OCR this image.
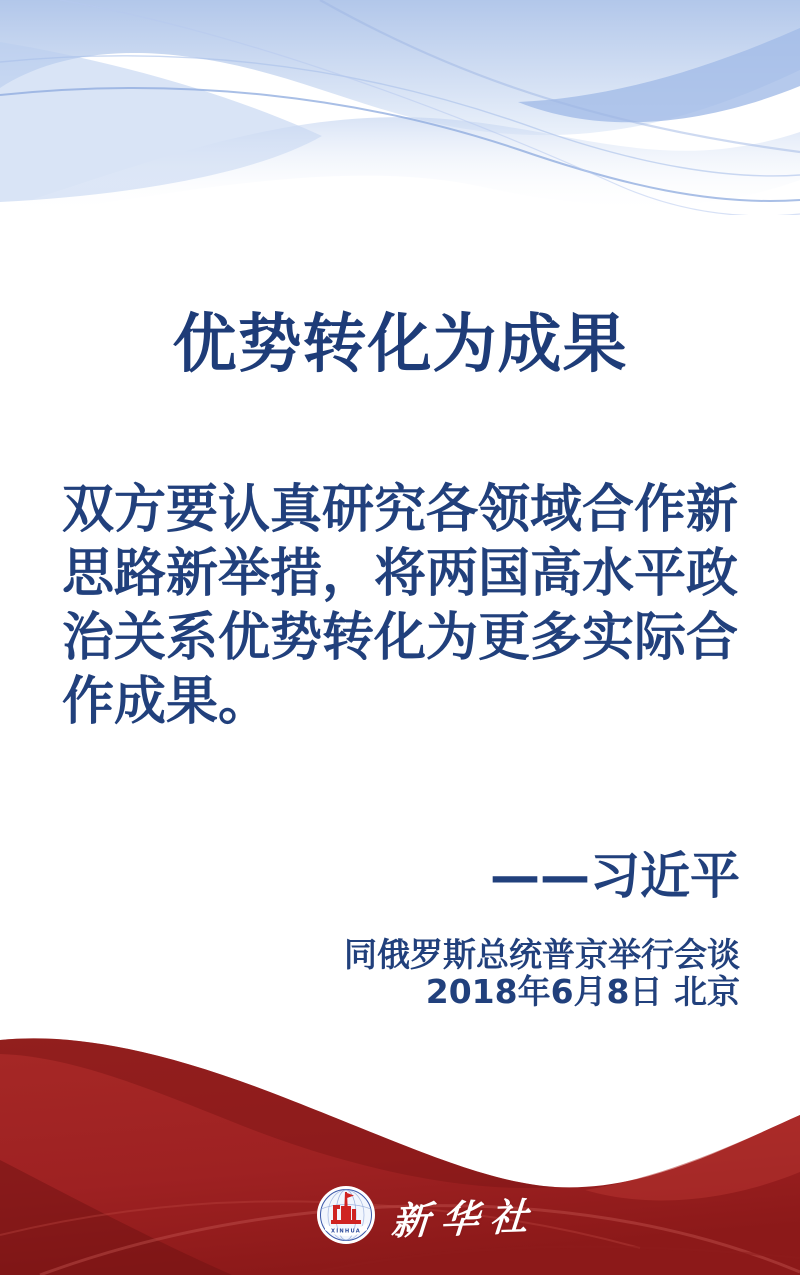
优势转化为成果
双方要认真研究各领域合作新
思路新举措，将两国高水平政
治关系优势转化为更多实际合
作成果。
——习近平
同俄罗斯总统普京举行会谈
2018年6月8日 北京
XINHUA 新华社
